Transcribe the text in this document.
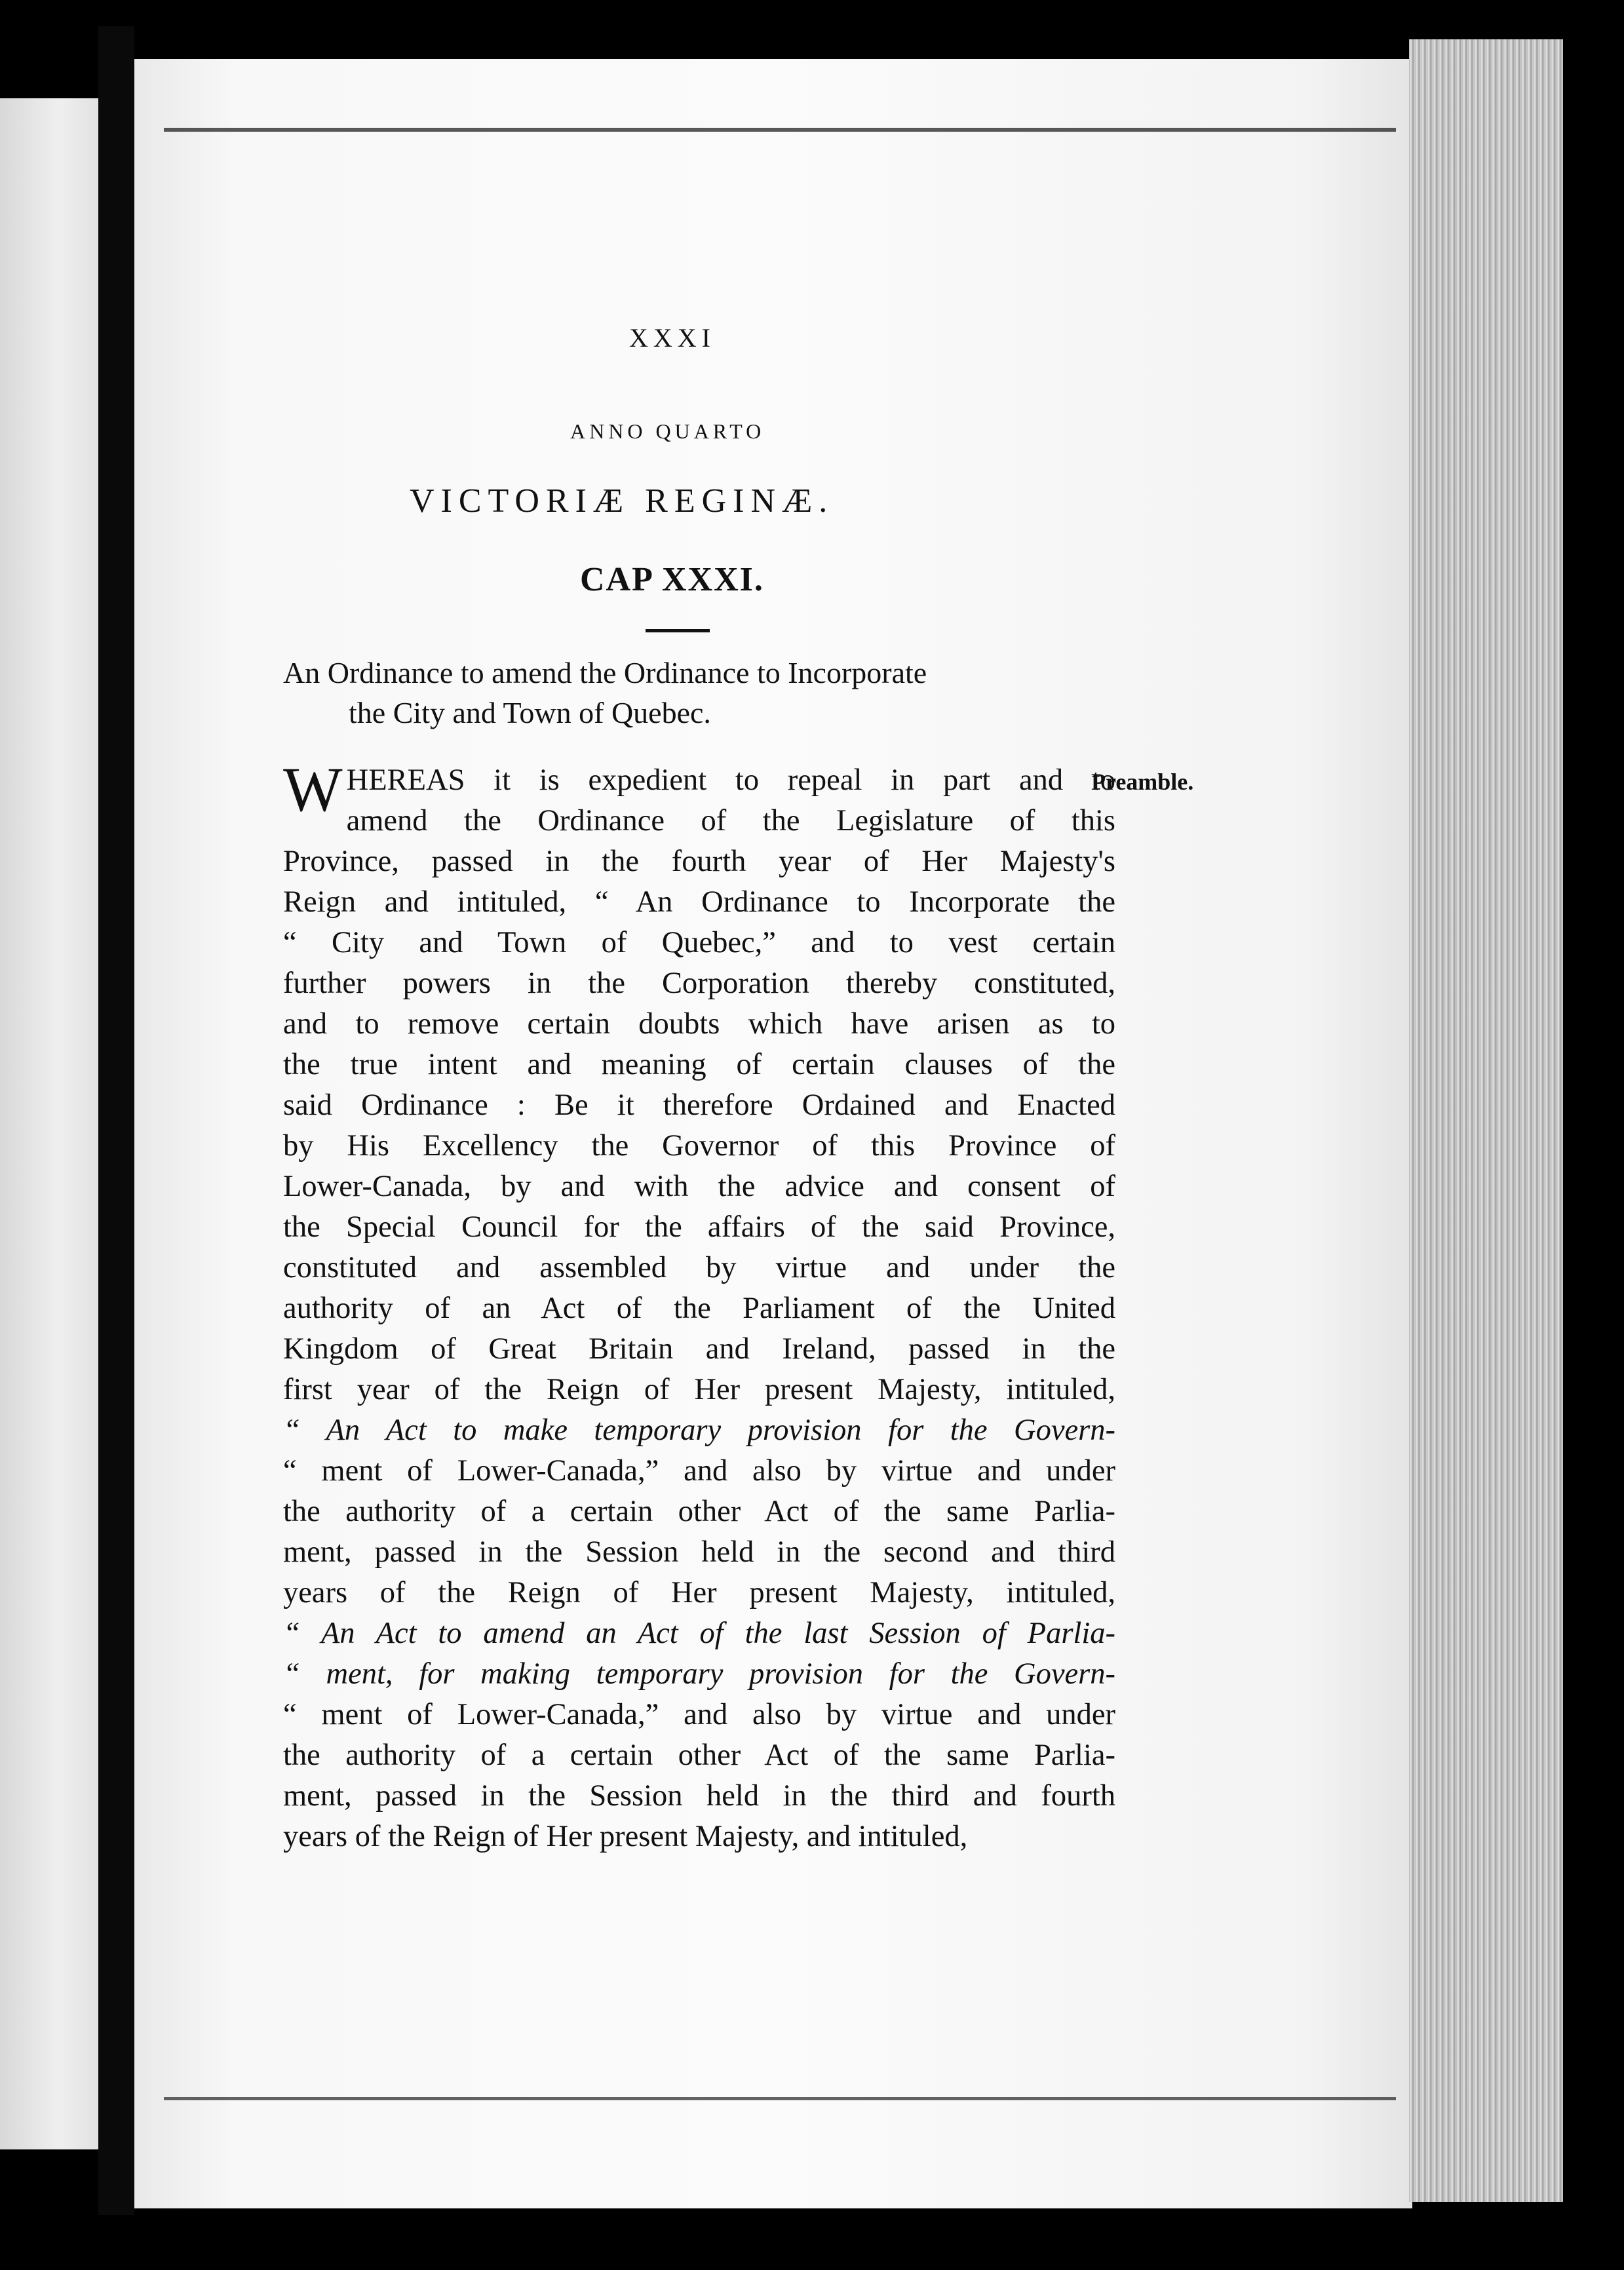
XXXI
ANNO QUARTO
VICTORIÆ REGINÆ.
CAP XXXI.
An Ordinance to amend the Ordinance to Incorporate
the City and Town of Quebec.
Preamble.
WHEREAS it is expedient to repeal in part and to
amend the Ordinance of the Legislature of this
Province, passed in the fourth year of Her Majesty's
Reign and intituled, “ An Ordinance to Incorporate the
“ City and Town of Quebec,” and to vest certain
further powers in the Corporation thereby constituted,
and to remove certain doubts which have arisen as to
the true intent and meaning of certain clauses of the
said Ordinance : Be it therefore Ordained and Enacted
by His Excellency the Governor of this Province of
Lower-Canada, by and with the advice and consent of
the Special Council for the affairs of the said Province,
constituted and assembled by virtue and under the
authority of an Act of the Parliament of the United
Kingdom of Great Britain and Ireland, passed in the
first year of the Reign of Her present Majesty, intituled,
“ An Act to make temporary provision for the Govern-
“ ment of Lower-Canada,” and also by virtue and under
the authority of a certain other Act of the same Parlia-
ment, passed in the Session held in the second and third
years of the Reign of Her present Majesty, intituled,
“ An Act to amend an Act of the last Session of Parlia-
“ ment, for making temporary provision for the Govern-
“ ment of Lower-Canada,” and also by virtue and under
the authority of a certain other Act of the same Parlia-
ment, passed in the Session held in the third and fourth
years of the Reign of Her present Majesty, and intituled,
